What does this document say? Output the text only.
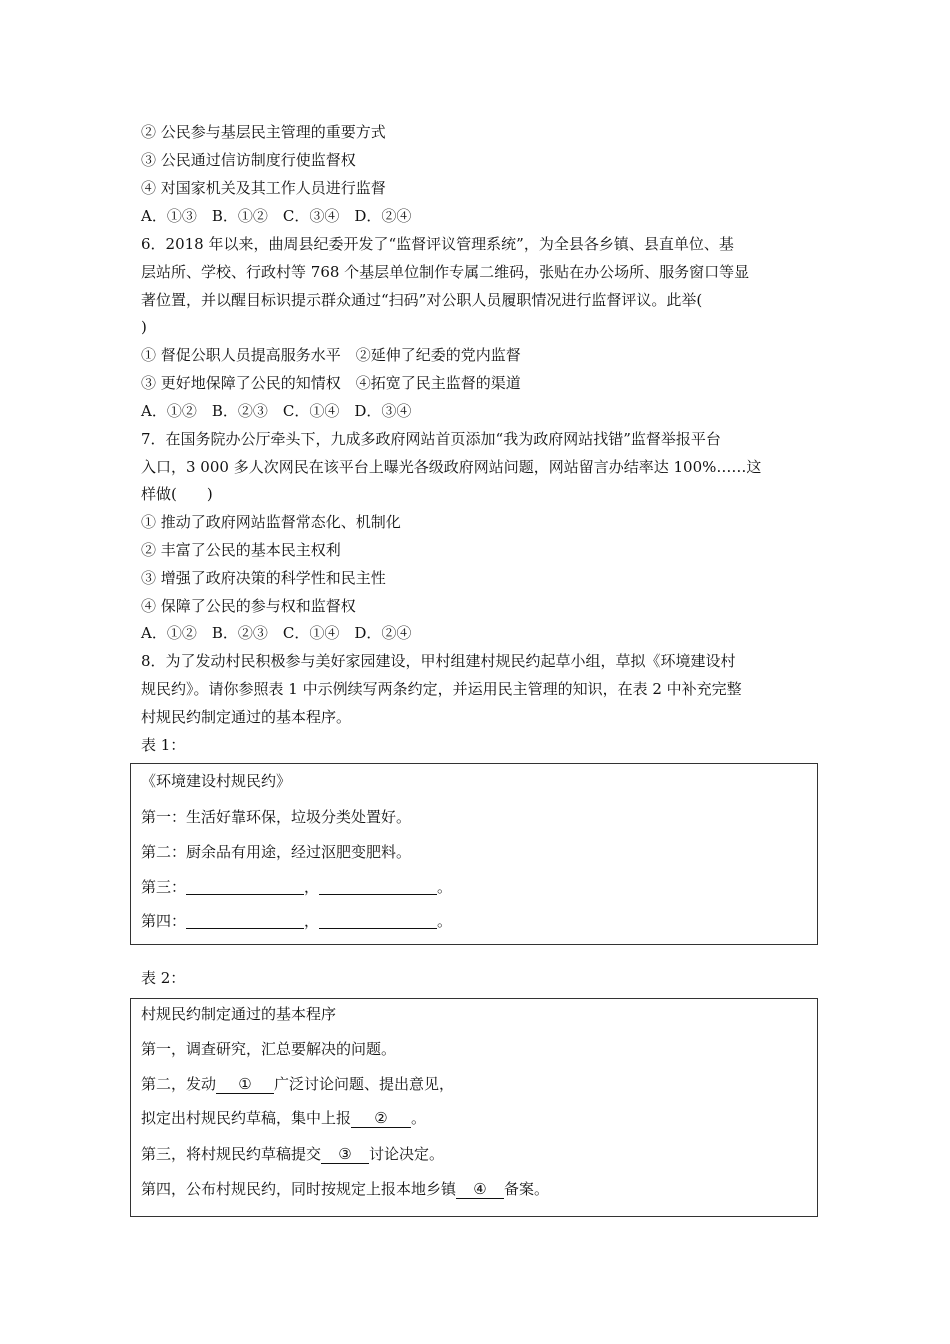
② 公民参与基层民主管理的重要方式
③ 公民通过信访制度行使监督权
④ 对国家机关及其工作人员进行监督
A．①③　B．①②　C．③④　D．②④
6．2018 年以来，曲周县纪委开发了“监督评议管理系统”，为全县各乡镇、县直单位、基
层站所、学校、行政村等 768 个基层单位制作专属二维码，张贴在办公场所、服务窗口等显
著位置，并以醒目标识提示群众通过“扫码”对公职人员履职情况进行监督评议。此举(
)
① 督促公职人员提高服务水平　②延伸了纪委的党内监督
③ 更好地保障了公民的知情权　④拓宽了民主监督的渠道
A．①②　B．②③　C．①④　D．③④
7．在国务院办公厅牵头下，九成多政府网站首页添加“我为政府网站找错”监督举报平台
入口，3 000 多人次网民在该平台上曝光各级政府网站问题，网站留言办结率达 100%……这
样做(　　)
① 推动了政府网站监督常态化、机制化
② 丰富了公民的基本民主权利
③ 增强了政府决策的科学性和民主性
④ 保障了公民的参与权和监督权
A．①②　B．②③　C．①④　D．②④
8．为了发动村民积极参与美好家园建设，甲村组建村规民约起草小组，草拟《环境建设村
规民约》。请你参照表 1 中示例续写两条约定，并运用民主管理的知识，在表 2 中补充完整
村规民约制定通过的基本程序。
表 1：
《环境建设村规民约》
第一：生活好靠环保，垃圾分类处置好。
第二：厨余品有用途，经过沤肥变肥料。
第三：	，	。
第四：	，	。
表 2：
村规民约制定通过的基本程序
第一，调查研究，汇总要解决的问题。
第二，发动 ① 广泛讨论问题、提出意见，
拟定出村规民约草稿，集中上报 ② 。
第三，将村规民约草稿提交 ③ 讨论决定。
第四，公布村规民约，同时按规定上报本地乡镇 ④ 备案。
